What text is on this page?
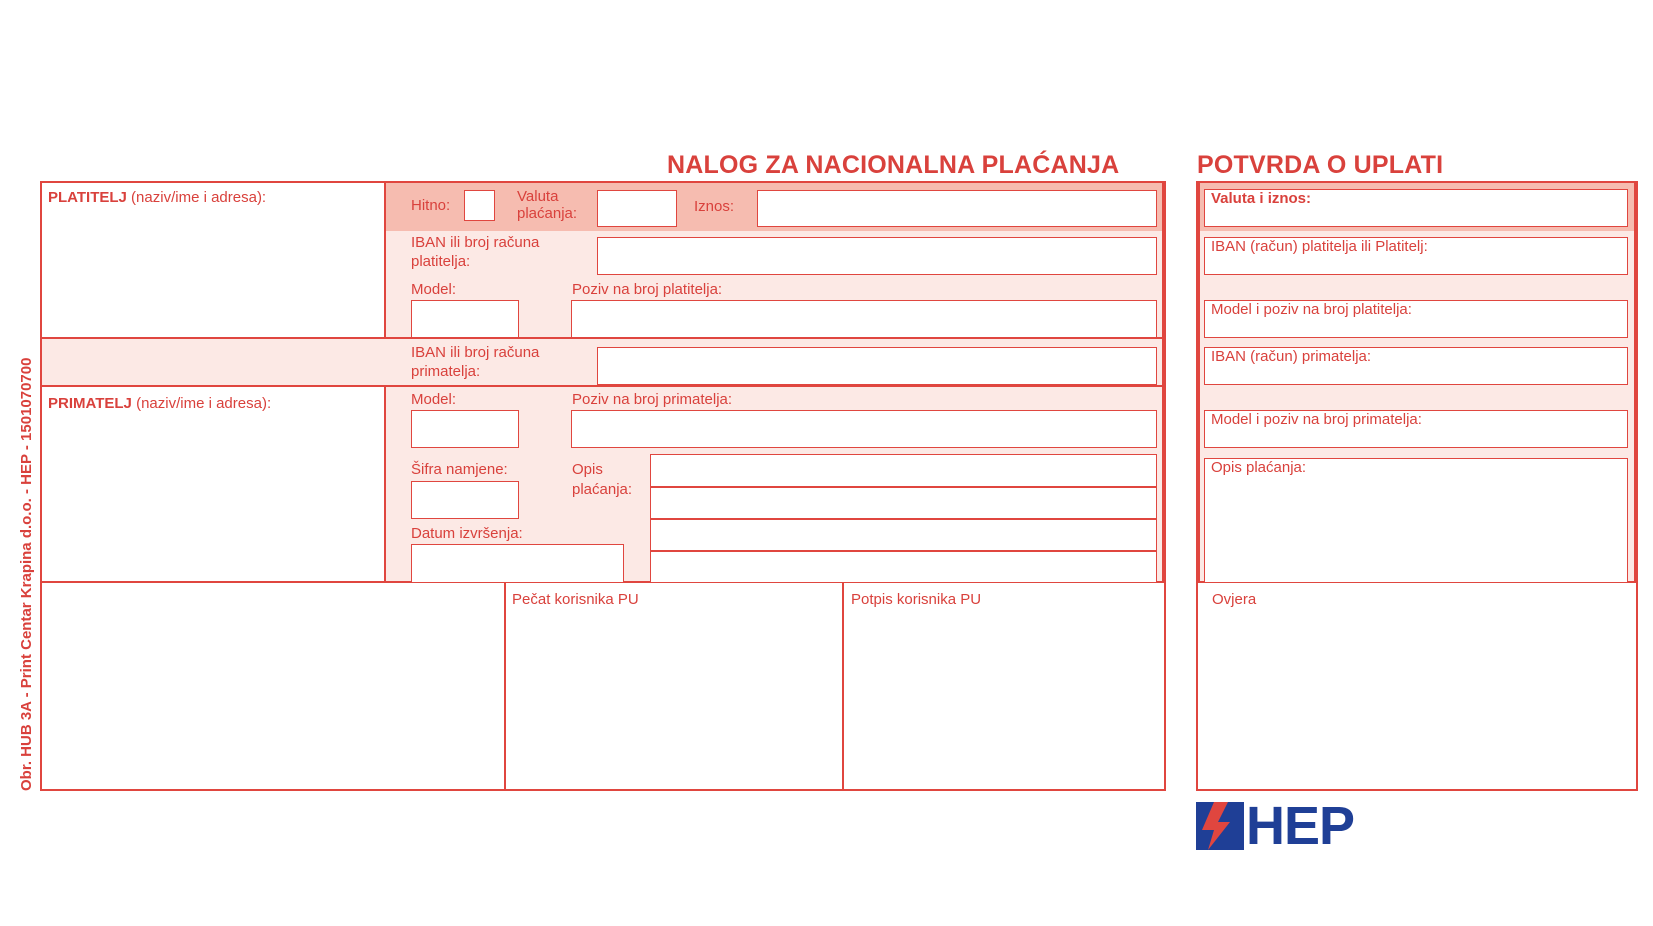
NALOG ZA NACIONALNA PLAĆANJA	POTVRDA O UPLATI
Obr. HUB 3A - Print Centar Krapina d.o.o. - HEP - 1501070700
PLATITELJ (naziv/ime i adresa):	Hitno:
Valuta
plaćanja:	Iznos:
IBAN ili broj računa
platitelja:
Model:	Poziv na broj platitelja:
IBAN ili broj računa
primatelja:
PRIMATELJ (naziv/ime i adresa):	Model:	Poziv na broj primatelja:
Šifra namjene:	Opis
plaćanja:
Datum izvršenja:
Pečat korisnika PU	Potpis korisnika PU
Valuta i iznos:
IBAN (račun) platitelja ili Platitelj:
Model i poziv na broj platitelja:
IBAN (račun) primatelja:
Model i poziv na broj primatelja:
Opis plaćanja:
Ovjera
HEP
